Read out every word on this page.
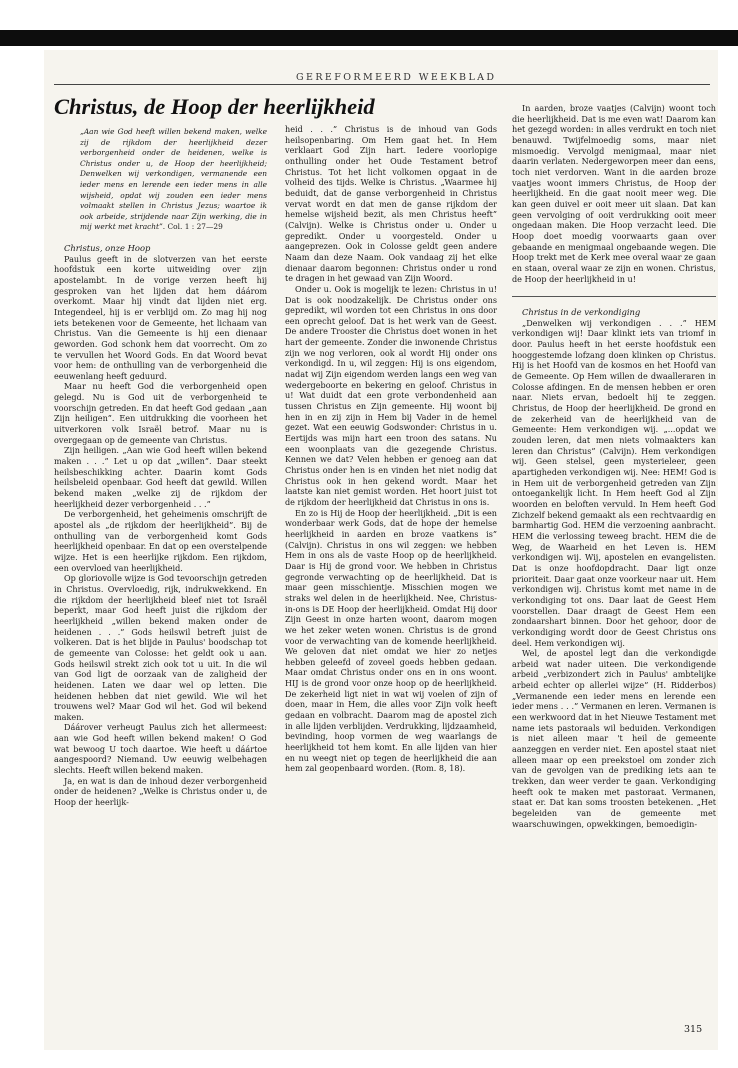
GEREFORMEERD WEEKBLAD
Christus, de Hoop der heerlijkheid
„Aan wie God heeft willen bekend maken, welke zij de rijkdom der heerlijkheid dezer verborgenheid onder de heidenen, welke is Christus onder u, de Hoop der heerlijkheid; Denwelken wij verkondigen, vermanende een ieder mens en lerende een ieder mens in alle wijsheid, opdat wij zouden een ieder mens volmaakt stellen in Christus Jezus; waartoe ik ook arbeide, strijdende naar Zijn werking, die in mij werkt met kracht”. Col. 1 : 27—29

Christus, onze Hoop

Paulus geeft in de slotverzen van het eerste hoofdstuk een korte uitweiding over zijn apostelambt. In de vorige verzen heeft hij gesproken van het lijden dat hem dáárom overkomt. Maar hij vindt dat lijden niet erg. Integendeel, hij is er verblijd om. Zo mag hij nog iets betekenen voor de Gemeente, het lichaam van Christus. Van die Gemeente is hij een dienaar geworden. God schonk hem dat voorrecht. Om zo te vervullen het Woord Gods. En dat Woord bevat voor hem: de onthulling van de verborgenheid die eeuwenlang heeft geduurd.

Maar nu heeft God die verborgenheid open gelegd. Nu is God uit de verborgenheid te voorschijn getreden. En dat heeft God gedaan „aan Zijn heiligen”. Een uitdrukking die voorheen het uitverkoren volk Israël betrof. Maar nu is overgegaan op de gemeente van Christus.

Zijn heiligen. „Aan wie God heeft willen bekend maken . . .” Let u op dat „willen”. Daar steekt heilsbeschikking achter. Daarin komt Gods heilsbeleid openbaar. God heeft dat gewild. Willen bekend maken „welke zij de rijkdom der heerlijkheid dezer verborgenheid . . .”

De verborgenheid, het geheimenis omschrijft de apostel als „de rijkdom der heerlijkheid”. Bij de onthulling van de verborgenheid komt Gods heerlijkheid openbaar. En dat op een overstelpende wijze. Het is een heerlijke rijkdom. Een rijkdom, een overvloed van heerlijkheid.

Op gloriovolle wijze is God tevoorschijn getreden in Christus. Overvloedig, rijk, indrukwekkend. En die rijkdom der heerlijkheid bleef niet tot Israël beperkt, maar God heeft juist die rijkdom der heerlijkheid „willen bekend maken onder de heidenen . . .” Gods heilswil betreft juist de volkeren. Dat is het blijde in Paulus' boodschap tot de gemeente van Colosse: het geldt ook u aan. Gods heilswil strekt zich ook tot u uit. In die wil van God ligt de oorzaak van de zaligheid der heidenen. Laten we daar wel op letten. Die heidenen hebben dat niet gewild. Wie wil het trouwens wel? Maar God wil het. God wil bekend maken.

Dáárover verheugt Paulus zich het allermeest: aan wie God heeft willen bekend maken! O God wat bewoog U toch daartoe. Wie heeft u dáártoe aangespoord? Niemand. Uw eeuwig welbehagen slechts. Heeft willen bekend maken.

Ja, en wat is dan de inhoud dezer verborgenheid onder de heidenen? „Welke is Christus onder u, de Hoop der heerlijk-

heid . . .” Christus is de inhoud van Gods heilsopenbaring. Om Hem gaat het. In Hem verklaart God Zijn hart. Iedere voorlopige onthulling onder het Oude Testament betrof Christus. Tot het licht volkomen opgaat in de volheid des tijds. Welke is Christus. „Waarmee hij beduidt, dat de ganse verborgenheid in Christus vervat wordt en dat men de ganse rijkdom der hemelse wijsheid bezit, als men Christus heeft” (Calvijn). Welke is Christus onder u. Onder u gepredikt. Onder u voorgesteld. Onder u aangeprezen. Ook in Colosse geldt geen andere Naam dan deze Naam. Ook vandaag zij het elke dienaar daarom begonnen: Christus onder u rond te dragen in het gewaad van Zijn Woord.

Onder u. Ook is mogelijk te lezen: Christus in u! Dat is ook noodzakelijk. De Christus onder ons gepredikt, wil worden tot een Christus in ons door een oprecht geloof. Dat is het werk van de Geest. De andere Trooster die Christus doet wonen in het hart der gemeente. Zonder die inwonende Christus zijn we nog verloren, ook al wordt Hij onder ons verkondigd. In u, wil zeggen: Hij is ons eigendom, nadat wij Zijn eigendom werden langs een weg van wedergeboorte en bekering en geloof. Christus in u! Wat duidt dat een grote verbondenheid aan tussen Christus en Zijn gemeente. Hij woont bij hen in en zij zijn in Hem bij Vader in de hemel gezet. Wat een eeuwig Godswonder: Christus in u. Eertijds was mijn hart een troon des satans. Nu een woonplaats van die gezegende Christus. Kennen we dat? Velen hebben er genoeg aan dat Christus onder hen is en vinden het niet nodig dat Christus ook in hen gekend wordt. Maar het laatste kan niet gemist worden. Het hoort juist tot de rijkdom der heerlijkheid dat Christus in ons is.

En zo is Hij de Hoop der heerlijkheid. „Dit is een wonderbaar werk Gods, dat de hope der hemelse heerlijkheid in aarden en broze vaatkens is” (Calvijn). Christus in ons wil zeggen: we hebben Hem in ons als de vaste Hoop op de heerlijkheid. Daar is Hij de grond voor. We hebben in Christus gegronde verwachting op de heerlijkheid. Dat is maar geen misschientje. Misschien mogen we straks wel delen in de heerlijkheid. Nee, Christus-in-ons is DE Hoop der heerlijkheid. Omdat Hij door Zijn Geest in onze harten woont, daarom mogen we het zeker weten wonen. Christus is de grond voor de verwachting van de komende heerlijkheid. We geloven dat niet omdat we hier zo netjes hebben geleefd of zoveel goeds hebben gedaan. Maar omdat Christus onder ons en in ons woont. HIJ is de grond voor onze hoop op de heerlijkheid. De zekerheid ligt niet in wat wij voelen of zijn of doen, maar in Hem, die alles voor Zijn volk heeft gedaan en volbracht. Daarom mag de apostel zich in alle lijden verblijden. Verdrukking, lijdzaamheid, bevinding, hoop vormen de weg waarlangs de heerlijkheid tot hem komt. En alle lijden van hier en nu weegt niet op tegen de heerlijkheid die aan hem zal geopenbaard worden. (Rom. 8, 18).

In aarden, broze vaatjes (Calvijn) woont toch die heerlijkheid. Dat is me even wat! Daarom kan het gezegd worden: in alles verdrukt en toch niet benauwd. Twijfelmoedig soms, maar niet mismoedig. Vervolgd menigmaal, maar niet daarin verlaten. Nedergeworpen meer dan eens, toch niet verdorven. Want in die aarden broze vaatjes woont immers Christus, de Hoop der heerlijkheid. En die gaat nooit meer weg. Die kan geen duivel er ooit meer uit slaan. Dat kan geen vervolging of ooit verdrukking ooit meer ongedaan maken. Die Hoop verzacht leed. Die Hoop doet moedig voorwaarts gaan over gebaande en menigmaal ongebaande wegen. Die Hoop trekt met de Kerk mee overal waar ze gaan en staan, overal waar ze zijn en wonen. Christus, de Hoop der heerlijkheid in u!

Christus in de verkondiging

„Denwelken wij verkondigen . . .” HEM verkondigen wij! Daar klinkt iets van triomf in door. Paulus heeft in het eerste hoofdstuk een hooggestemde lofzang doen klinken op Christus. Hij is het Hoofd van de kosmos en het Hoofd van de Gemeente. Op Hem willen de dwaalleraren in Colosse afdingen. En de mensen hebben er oren naar. Niets ervan, bedoelt hij te zeggen. Christus, de Hoop der heerlijkheid. De grond en de zekerheid van de heerlijkheid van de Gemeente: Hem verkondigen wij. „...opdat we zouden leren, dat men niets volmaakters kan leren dan Christus” (Calvijn). Hem verkondigen wij. Geen stelsel, geen mysterieleer, geen apartigheden verkondigen wij. Nee: HEM! God is in Hem uit de verborgenheid getreden van Zijn ontoegankelijk licht. In Hem heeft God al Zijn woorden en beloften vervuld. In Hem heeft God Zichzelf bekend gemaakt als een rechtvaardig en barmhartig God. HEM die verzoening aanbracht. HEM die verlossing teweeg bracht. HEM die de Weg, de Waarheid en het Leven is. HEM verkondigen wij. Wij, apostelen en evangelisten. Dat is onze hoofdopdracht. Daar ligt onze prioriteit. Daar gaat onze voorkeur naar uit. Hem verkondigen wij. Christus komt met name in de verkondiging tot ons. Daar laat de Geest Hem voorstellen. Daar draagt de Geest Hem een zondaarshart binnen. Door het gehoor, door de verkondiging wordt door de Geest Christus ons deel. Hem verkondigen wij.

Wel, de apostel legt dan die verkondigde arbeid wat nader uiteen. Die verkondigende arbeid „verbizondert zich in Paulus' ambtelijke arbeid echter op allerlei wijze” (H. Ridderbos) „Vermanende een ieder mens en lerende een ieder mens . . .” Vermanen en leren. Vermanen is een werkwoord dat in het Nieuwe Testament met name iets pastoraals wil beduiden. Verkondigen is niet alleen maar 't heil de gemeente aanzeggen en verder niet. Een apostel staat niet alleen maar op een preekstoel om zonder zich van de gevolgen van de prediking iets aan te trekken, dan weer verder te gaan. Verkondiging heeft ook te maken met pastoraat. Vermanen, staat er. Dat kan soms troosten betekenen. „Het begeleiden van de gemeente met waarschuwingen, opwekkingen, bemoedigin-

315
